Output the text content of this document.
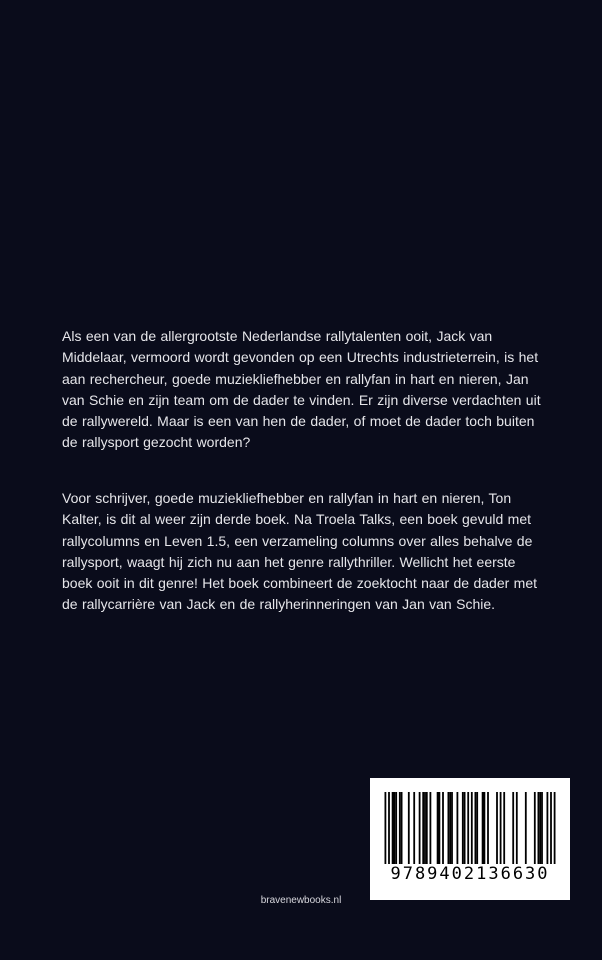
Als een van de allergrootste Nederlandse rallytalenten ooit, Jack van Middelaar, vermoord wordt gevonden op een Utrechts industrieterrein, is het aan rechercheur, goede muziekliefhebber en rallyfan in hart en nieren, Jan van Schie en zijn team om de dader te vinden. Er zijn diverse verdachten uit de rallywereld. Maar is een van hen de dader, of moet de dader toch buiten de rallysport gezocht worden?

Voor schrijver, goede muziekliefhebber en rallyfan in hart en nieren, Ton Kalter, is dit al weer zijn derde boek. Na Troela Talks, een boek gevuld met rallycolumns en Leven 1.5, een verzameling columns over alles behalve de rallysport, waagt hij zich nu aan het genre rallythriller. Wellicht het eerste boek ooit in dit genre! Het boek combineert de zoektocht naar de dader met de rallycarrière van Jack en de rallyherinneringen van Jan van Schie.

9789402136630
bravenewbooks.nl
